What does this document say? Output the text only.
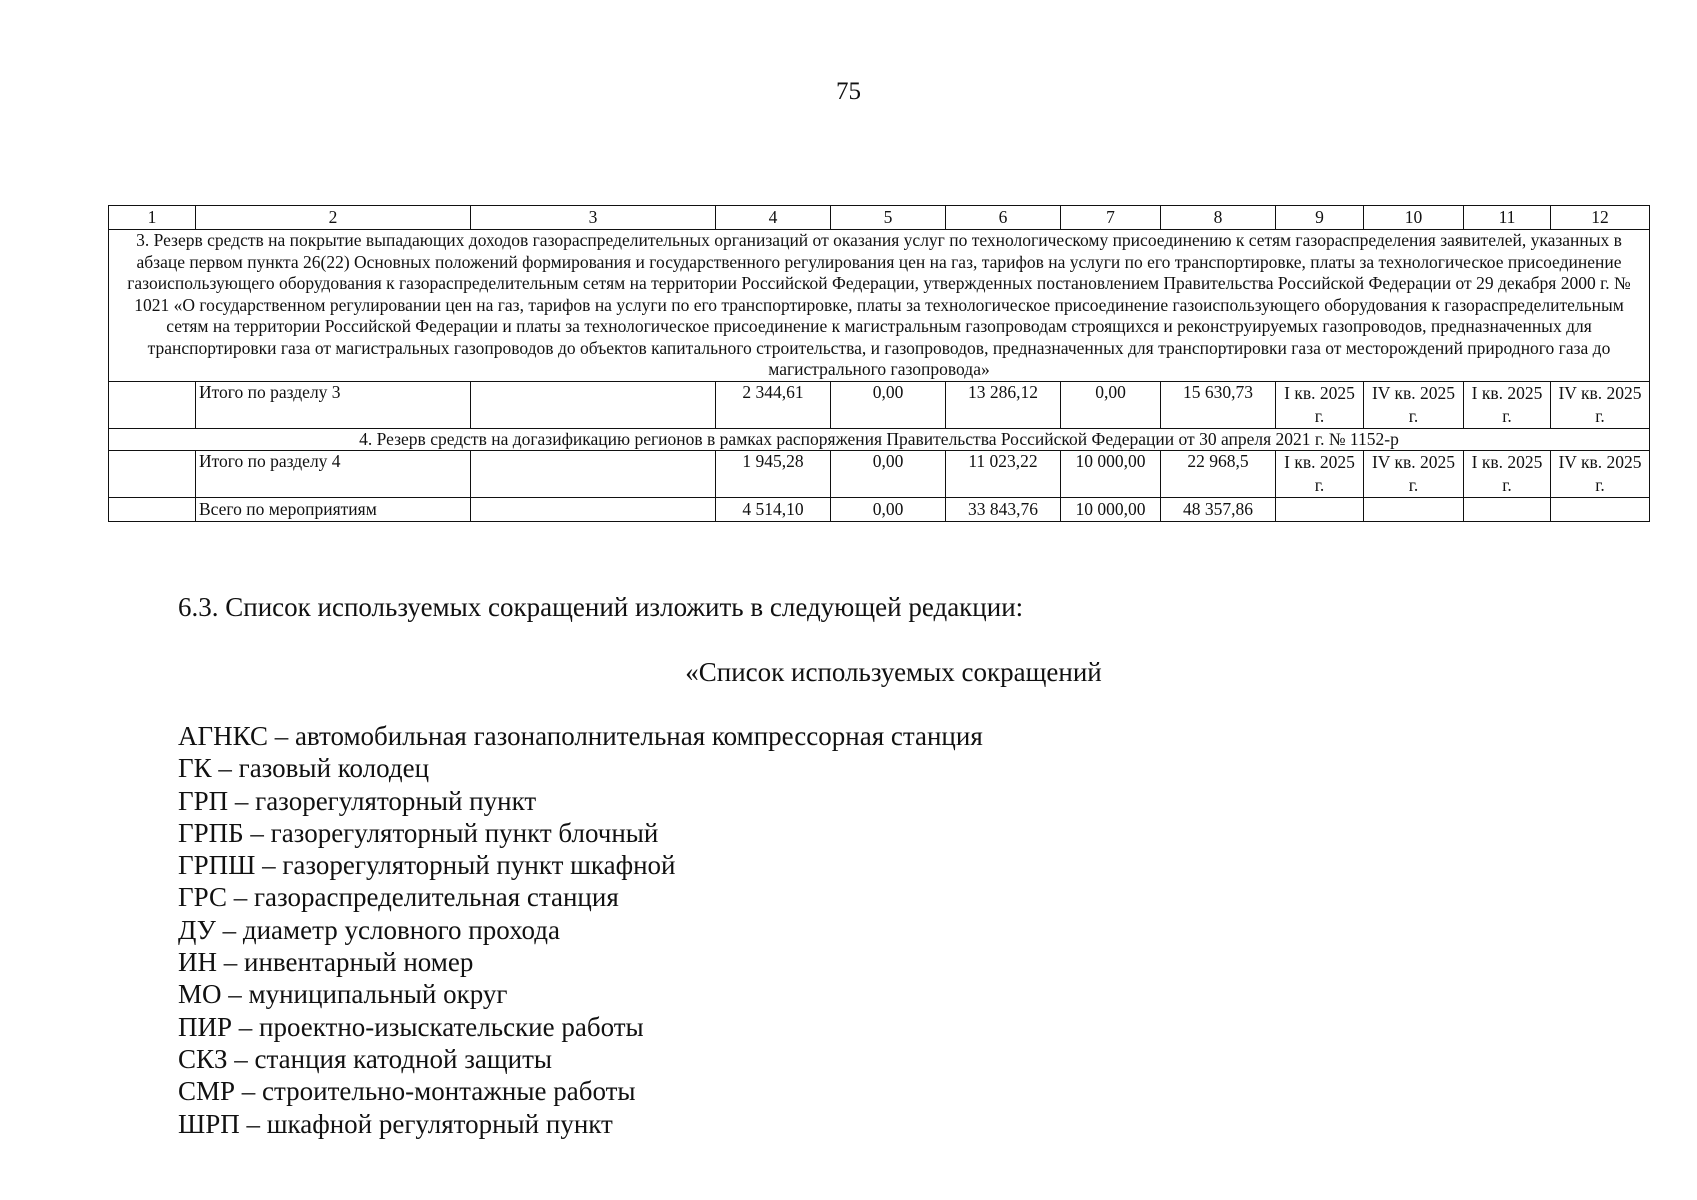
75
1	2	3	4	5	6	7	8	9	10	11	12
3. Резерв средств на покрытие выпадающих доходов газораспределительных организаций от оказания услуг по технологическому присоединению к сетям газораспределения заявителей, указанных в абзаце первом пункта 26(22) Основных положений формирования и государственного регулирования цен на газ, тарифов на услуги по его транспортировке, платы за технологическое присоединение газоиспользующего оборудования к газораспределительным сетям на территории Российской Федерации, утвержденных постановлением Правительства Российской Федерации от 29 декабря 2000 г. № 1021 «О государственном регулировании цен на газ, тарифов на услуги по его транспортировке, платы за технологическое присоединение газоиспользующего оборудования к газораспределительным сетям на территории Российской Федерации и платы за технологическое присоединение к магистральным газопроводам строящихся и реконструируемых газопроводов, предназначенных для транспортировки газа от магистральных газопроводов до объектов капитального строительства, и газопроводов, предназначенных для транспортировки газа от месторождений природного газа до магистрального газопровода»											
	Итого по разделу 3		2 344,61	0,00	13 286,12	0,00	15 630,73	I кв. 2025 г.	IV кв. 2025 г.	I кв. 2025 г.	IV кв. 2025 г.
4. Резерв средств на догазификацию регионов в рамках распоряжения Правительства Российской Федерации от 30 апреля 2021 г. № 1152-р											
	Итого по разделу 4		1 945,28	0,00	11 023,22	10 000,00	22 968,5	I кв. 2025 г.	IV кв. 2025 г.	I кв. 2025 г.	IV кв. 2025 г.
	Всего по мероприятиям		4 514,10	0,00	33 843,76	10 000,00	48 357,86				
6.3. Список используемых сокращений изложить в следующей редакции:
«Список используемых сокращений
АГНКС – автомобильная газонаполнительная компрессорная станция
ГК – газовый колодец
ГРП – газорегуляторный пункт
ГРПБ – газорегуляторный пункт блочный
ГРПШ – газорегуляторный пункт шкафной
ГРС – газораспределительная станция
ДУ – диаметр условного прохода
ИН – инвентарный номер
МО – муниципальный округ
ПИР – проектно-изыскательские работы
СКЗ – станция катодной защиты
СМР – строительно-монтажные работы
ШРП – шкафной регуляторный пункт
